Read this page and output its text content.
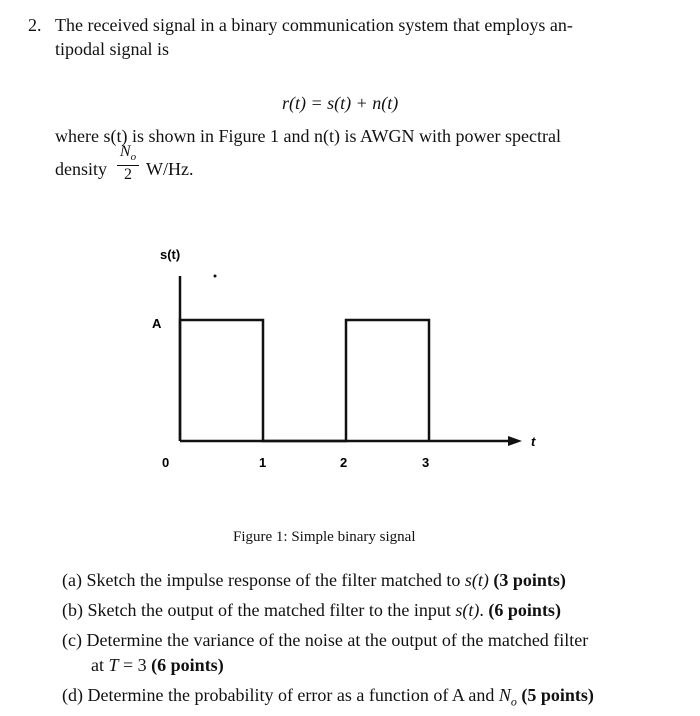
2. The received signal in a binary communication system that employs an-
tipodal signal is
r(t) = s(t) + n(t)
where s(t) is shown in Figure 1 and n(t) is AWGN with power spectral
density
$N_o$
2 W/Hz.
s(t)
A
0	1	2	3
t
Figure 1: Simple binary signal
(a) Sketch the impulse response of the filter matched to s(t) (3 points)
(b) Sketch the output of the matched filter to the input s(t). (6 points)
(c) Determine the variance of the noise at the output of the matched filter
at T = 3 (6 points)
(d) Determine the probability of error as a function of A and $N_o$ (5 points)
